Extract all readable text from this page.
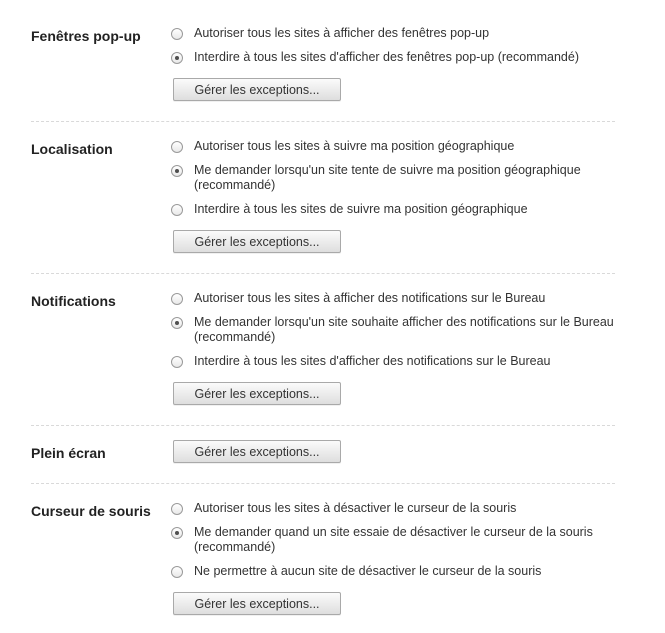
Fenêtres pop-up	Autoriser tous les sites à afficher des fenêtres pop-up
Interdire à tous les sites d'afficher des fenêtres pop-up (recommandé)
Gérer les exceptions...
Localisation	Autoriser tous les sites à suivre ma position géographique
Me demander lorsqu'un site tente de suivre ma position géographique (recommandé)
Interdire à tous les sites de suivre ma position géographique
Gérer les exceptions...
Notifications	Autoriser tous les sites à afficher des notifications sur le Bureau
Me demander lorsqu'un site souhaite afficher des notifications sur le Bureau (recommandé)
Interdire à tous les sites d'afficher des notifications sur le Bureau
Gérer les exceptions...
Plein écran	Gérer les exceptions...
Curseur de souris	Autoriser tous les sites à désactiver le curseur de la souris
Me demander quand un site essaie de désactiver le curseur de la souris (recommandé)
Ne permettre à aucun site de désactiver le curseur de la souris
Gérer les exceptions...
